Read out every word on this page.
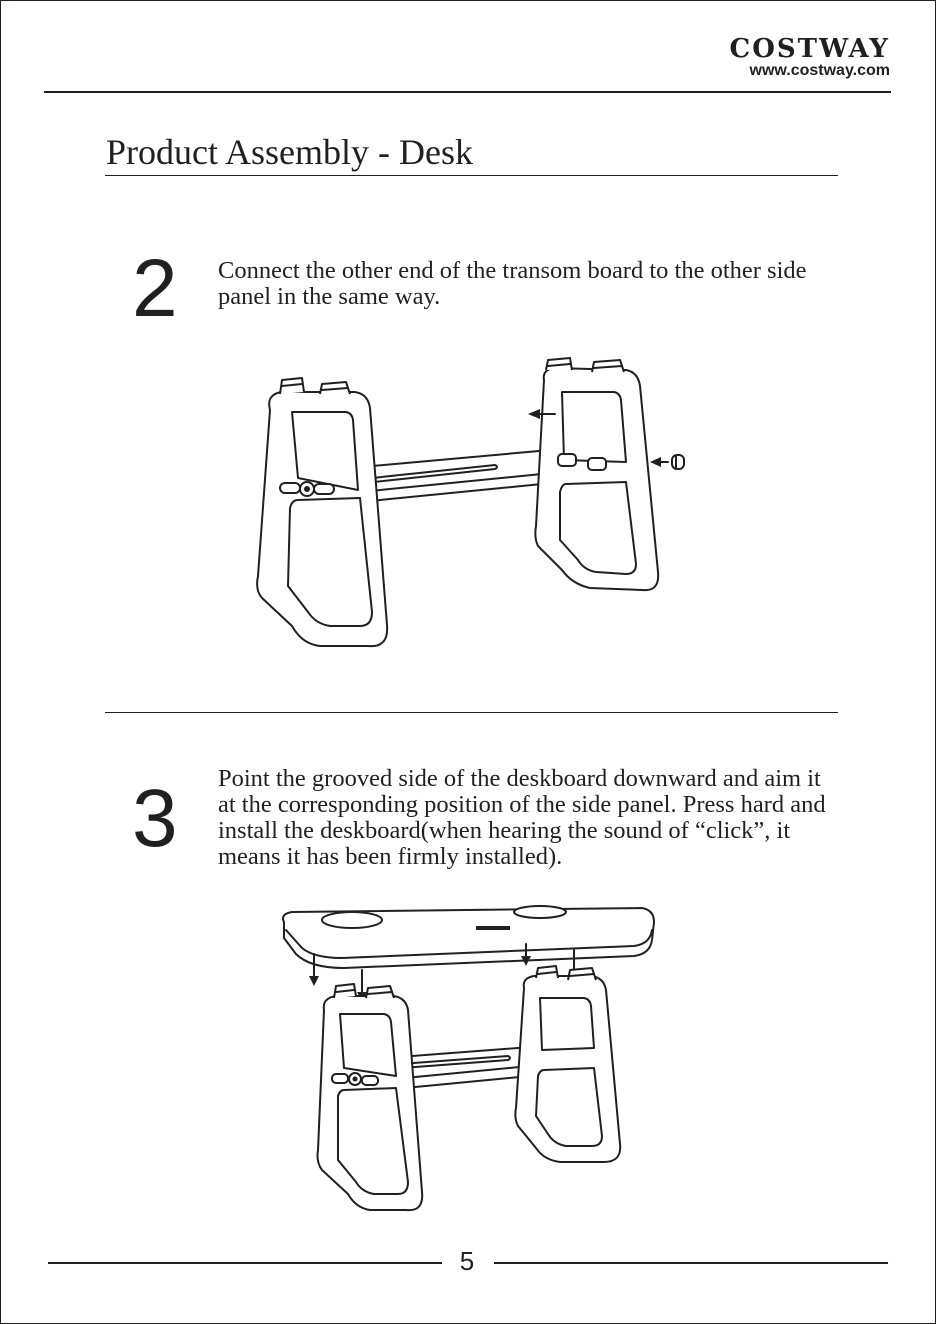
COSTWAY
www.costway.com
Product Assembly - Desk
2 Connect the other end of the transom board to the other side panel in the same way.
3 Point the grooved side of the deskboard downward and aim it at the corresponding position of the side panel. Press hard and install the deskboard(when hearing the sound of “click”, it means it has been firmly installed).
5
